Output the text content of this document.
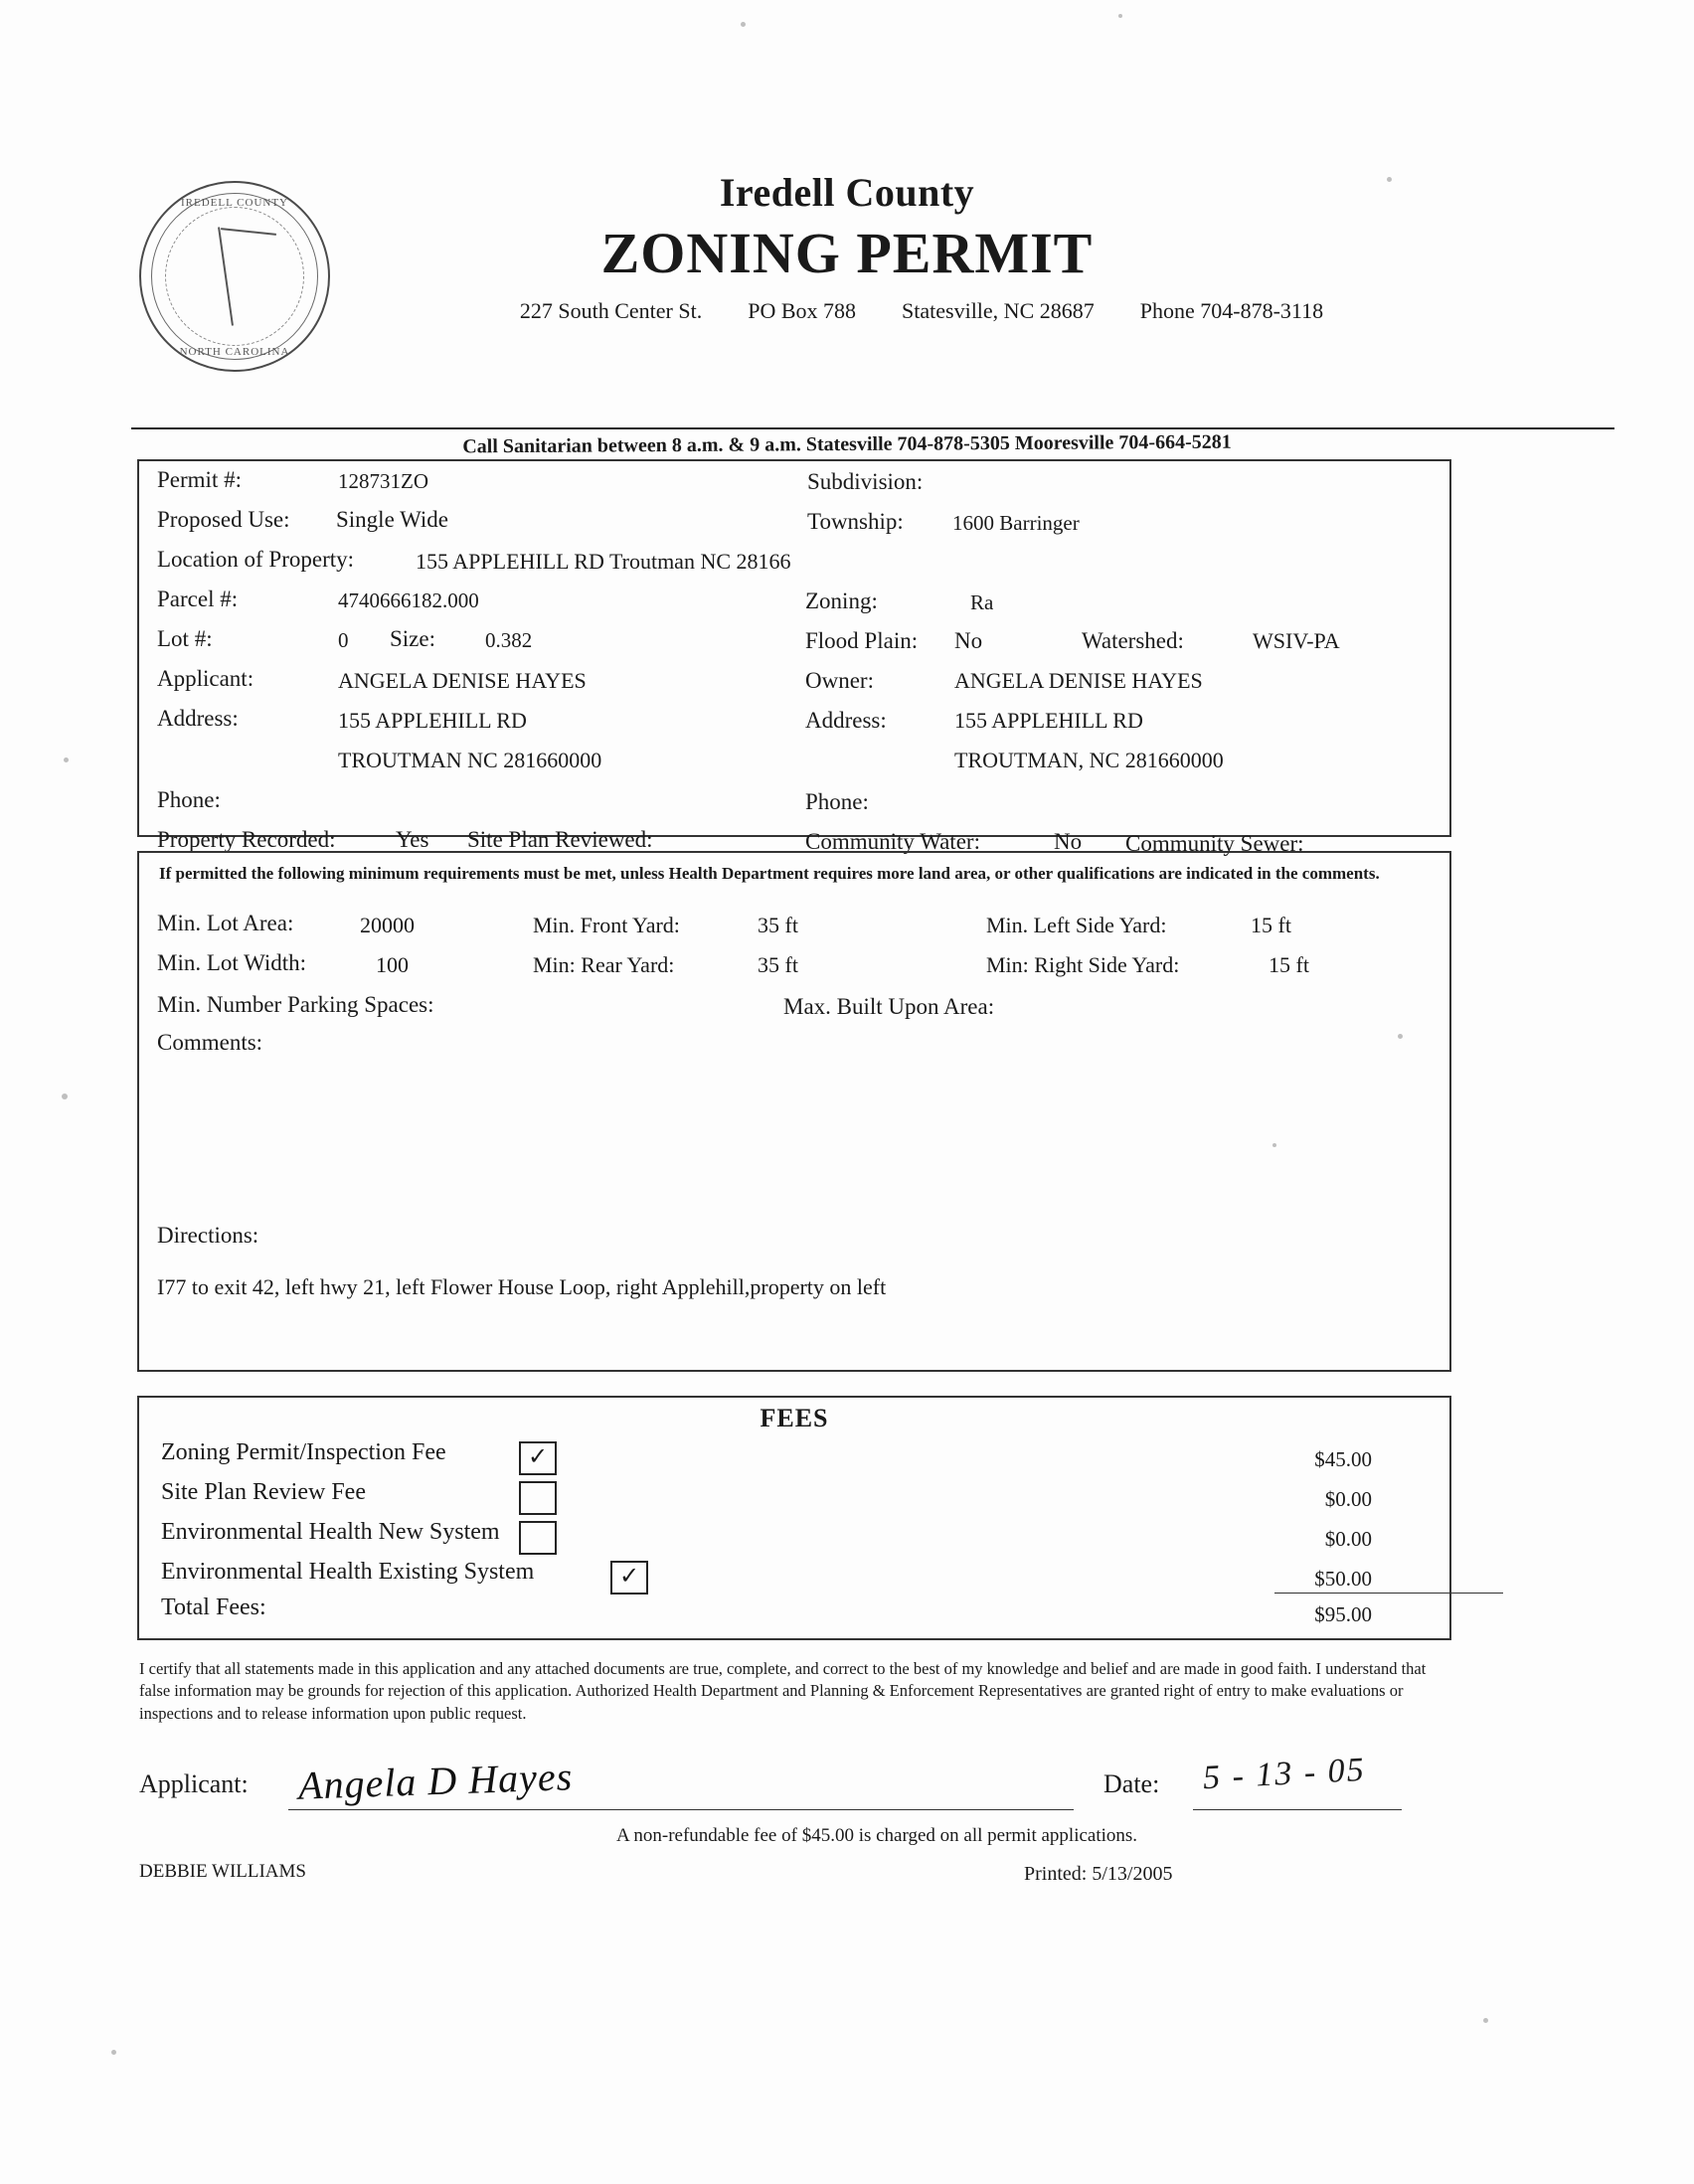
IREDELL COUNTY
NORTH CAROLINA
Iredell County
ZONING PERMIT
227 South Center St. PO Box 788 Statesville, NC 28687 Phone 704-878-3118
Call Sanitarian between 8 a.m. & 9 a.m. Statesville 704-878-5305 Mooresville 704-664-5281
Permit #:	128731ZO	Subdivision:
Proposed Use: Single Wide	Township: 1600 Barringer
Location of Property:	155 APPLEHILL RD Troutman NC 28166
Parcel #:	4740666182.000	Zoning:	Ra
Lot #:	0 Size: 0.382	Flood Plain: No	Watershed:	WSIV-PA
Applicant:	ANGELA DENISE HAYES	Owner:	ANGELA DENISE HAYES
Address:	155 APPLEHILL RD
TROUTMAN NC 281660000
Address:	155 APPLEHILL RD
TROUTMAN, NC 281660000
Phone:	Phone:
Property Recorded:	Yes Site Plan Reviewed:	Community Water:	No Community Sewer:
If permitted the following minimum requirements must be met, unless Health Department requires more land area, or other qualifications are indicated in the comments.
Min. Lot Area:	20000	Min. Front Yard:	35 ft	Min. Left Side Yard:	15 ft
Min. Lot Width:	100	Min: Rear Yard:	35 ft	Min: Right Side Yard:	15 ft
Min. Number Parking Spaces:	Max. Built Upon Area:
Comments:
Directions:
I77 to exit 42, left hwy 21, left Flower House Loop, right Applehill,property on left
FEES
Zoning Permit/Inspection Fee	✓	$45.00
Site Plan Review Fee	$0.00
Environmental Health New System	$0.00
Environmental Health Existing System	✓	$50.00
Total Fees:	$95.00
I certify that all statements made in this application and any attached documents are true, complete, and correct to the best of my knowledge and belief and are made in good faith. I understand that false information may be grounds for rejection of this application. Authorized Health Department and Planning & Enforcement Representatives are granted right of entry to make evaluations or inspections and to release information upon public request.
Applicant: Angela D Hayes	Date: 5 - 13 - 05
A non-refundable fee of $45.00 is charged on all permit applications.
DEBBIE WILLIAMS	Printed: 5/13/2005
